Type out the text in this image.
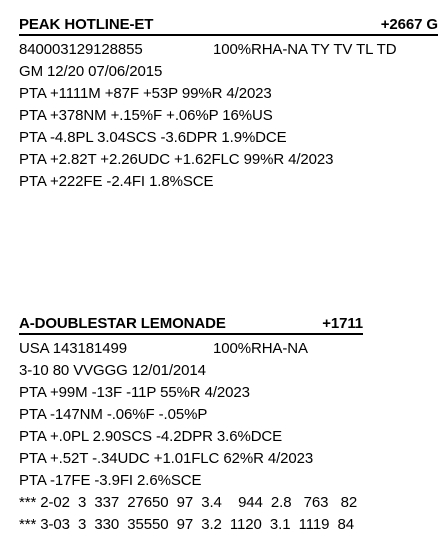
PEAK HOTLINE-ET	+2667 G
840003129128855	100%RHA-NA TY TV TL TD
GM 12/20 07/06/2015
PTA +1111M +87F +53P 99%R 4/2023
PTA +378NM +.15%F +.06%P 16%US
PTA -4.8PL 3.04SCS -3.6DPR 1.9%DCE
PTA +2.82T +2.26UDC +1.62FLC 99%R 4/2023
PTA +222FE -2.4FI 1.8%SCE
A-DOUBLESTAR LEMONADE	+1711
USA 143181499	100%RHA-NA
3-10 80 VVGGG 12/01/2014
PTA +99M -13F -11P 55%R 4/2023
PTA -147NM -.06%F -.05%P
PTA +.0PL 2.90SCS -4.2DPR 3.6%DCE
PTA +.52T -.34UDC +1.01FLC 62%R 4/2023
PTA -17FE -3.9FI 2.6%SCE
*** 2-02  3  337  27650  97  3.4    944  2.8   763   82
*** 3-03  3  330  35550  97  3.2  1120  3.1  1119  84
